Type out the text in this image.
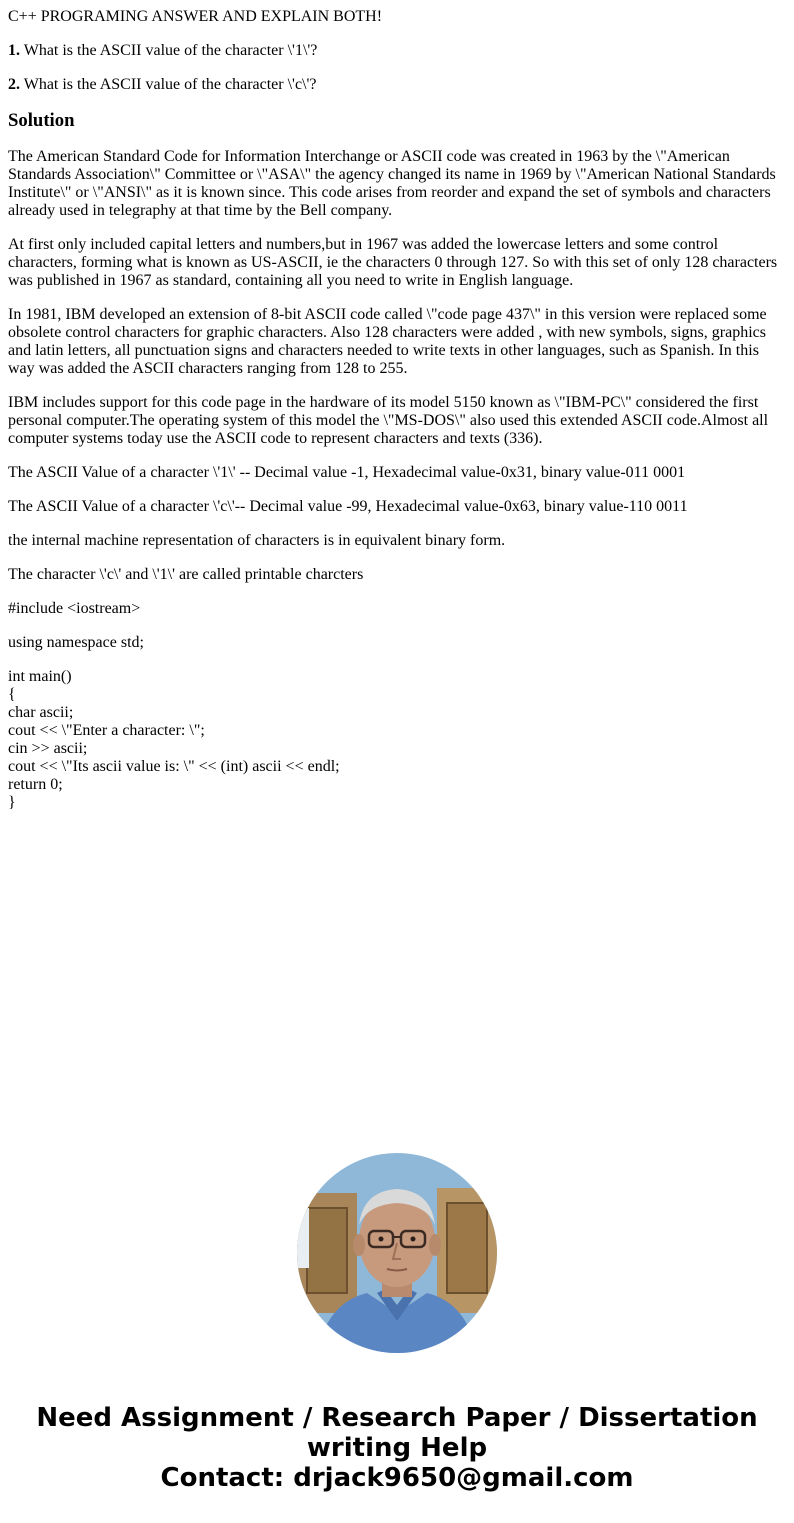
C++ PROGRAMING ANSWER AND EXPLAIN BOTH!

1. What is the ASCII value of the character \'1\'?

2. What is the ASCII value of the character \'c\'?

Solution

The American Standard Code for Information Interchange or ASCII code was created in 1963 by the \"American Standards Association\" Committee or \"ASA\" the agency changed its name in 1969 by \"American National Standards Institute\" or \"ANSI\" as it is known since. This code arises from reorder and expand the set of symbols and characters already used in telegraphy at that time by the Bell company.

At first only included capital letters and numbers,but in 1967 was added the lowercase letters and some control characters, forming what is known as US-ASCII, ie the characters 0 through 127. So with this set of only 128 characters was published in 1967 as standard, containing all you need to write in English language.

In 1981, IBM developed an extension of 8-bit ASCII code called \"code page 437\" in this version were replaced some obsolete control characters for graphic characters. Also 128 characters were added , with new symbols, signs, graphics and latin letters, all punctuation signs and characters needed to write texts in other languages, such as Spanish. In this way was added the ASCII characters ranging from 128 to 255.

IBM includes support for this code page in the hardware of its model 5150 known as \"IBM-PC\" considered the first personal computer.The operating system of this model the \"MS-DOS\" also used this extended ASCII code.Almost all computer systems today use the ASCII code to represent characters and texts (336).

The ASCII Value of a character \'1\' -- Decimal value -1, Hexadecimal value-0x31, binary value-011 0001

The ASCII Value of a character \'c\'-- Decimal value -99, Hexadecimal value-0x63, binary value-110 0011

the internal machine representation of characters is in equivalent binary form.

The character \'c\' and \'1\' are called printable charcters

#include <iostream>

using namespace std;

int main()
{
char ascii;
cout << \"Enter a character: \";
cin >> ascii;
cout << \"Its ascii value is: \" << (int) ascii << endl;
return 0;
}

Need Assignment / Research Paper / Dissertation
writing Help
Contact: drjack9650@gmail.com
